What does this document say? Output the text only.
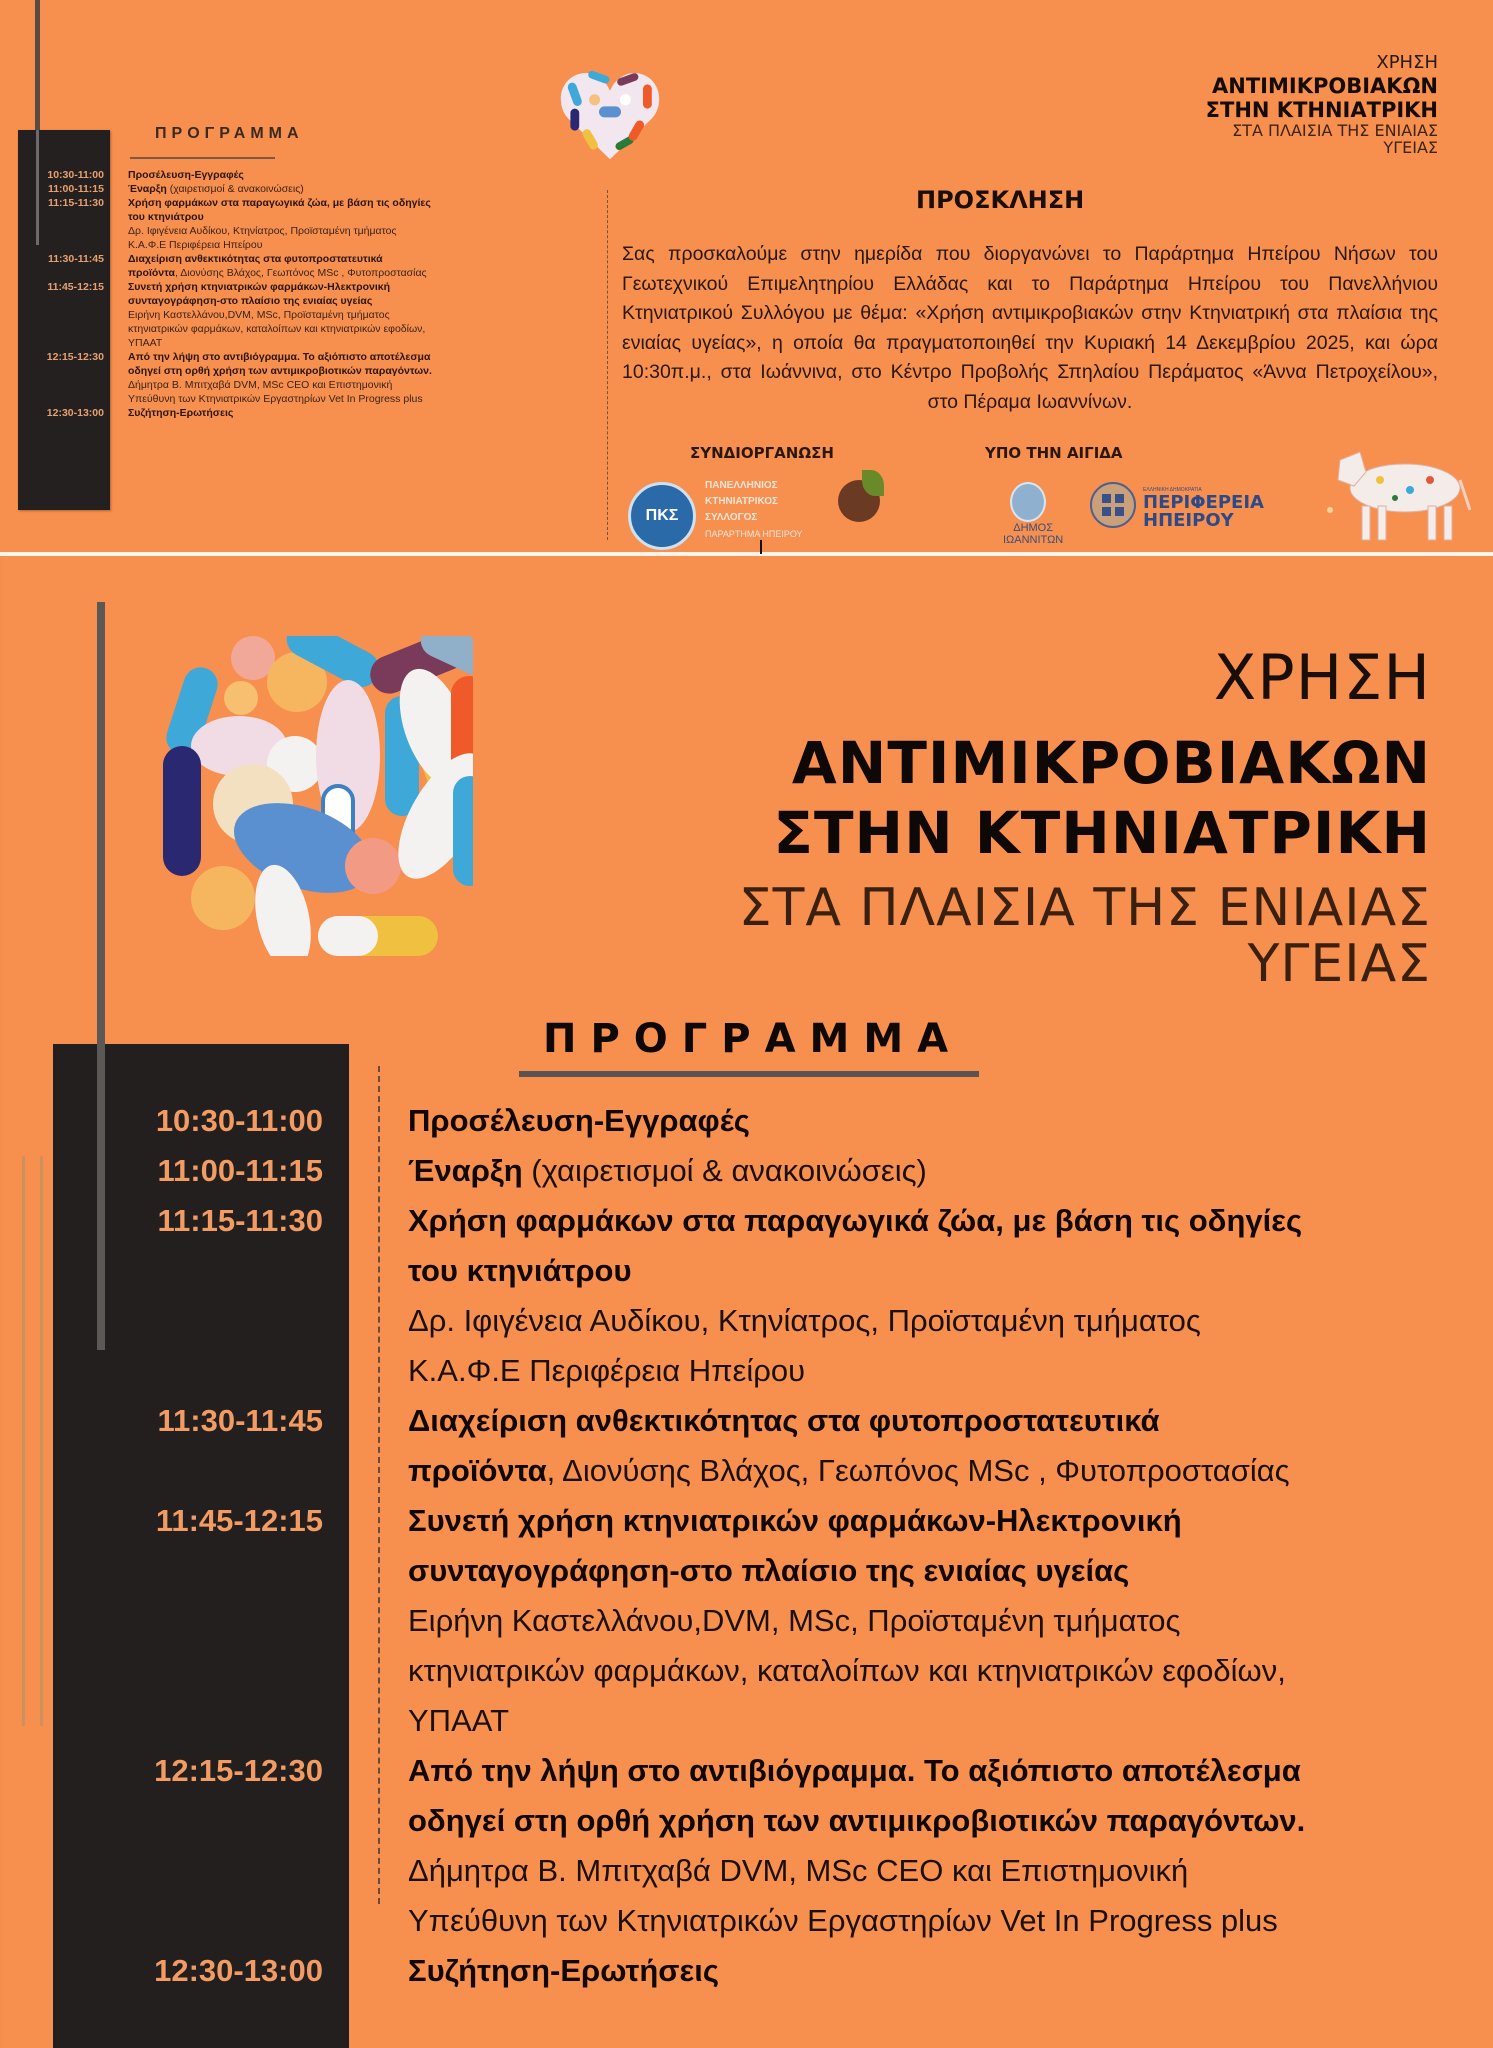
ΠΡΟΓΡΑΜΜΑ
10:30-11:00	Προσέλευση-Εγγραφές
11:00-11:15	Έναρξη (χαιρετισμοί & ανακοινώσεις)
11:15-11:30	Χρήση φαρμάκων στα παραγωγικά ζώα, με βάση τις οδηγίες
του κτηνιάτρου
Δρ. Ιφιγένεια Αυδίκου, Κτηνίατρος, Προϊσταμένη τμήματος
Κ.Α.Φ.Ε Περιφέρεια Ηπείρου
11:30-11:45	Διαχείριση ανθεκτικότητας στα φυτοπροστατευτικά
προϊόντα, Διονύσης Βλάχος, Γεωπόνος MSc , Φυτοπροστασίας
11:45-12:15	Συνετή χρήση κτηνιατρικών φαρμάκων-Ηλεκτρονική
συνταγογράφηση-στο πλαίσιο της ενιαίας υγείας
Ειρήνη Καστελλάνου,DVM, MSc, Προϊσταμένη τμήματος
κτηνιατρικών φαρμάκων, καταλοίπων και κτηνιατρικών εφοδίων,
ΥΠΑΑΤ
12:15-12:30	Από την λήψη στο αντιβιόγραμμα. Το αξιόπιστο αποτέλεσμα
οδηγεί στη ορθή χρήση των αντιμικροβιοτικών παραγόντων.
Δήμητρα Β. Μπιτχαβά DVM, MSc CEO και Επιστημονική
Υπεύθυνη των Κτηνιατρικών Εργαστηρίων Vet In Progress plus
12:30-13:00	Συζήτηση-Ερωτήσεις
ΧΡΗΣΗ
ΑΝΤΙΜΙΚΡΟΒΙΑΚΩΝ
ΣΤΗΝ ΚΤΗΝΙΑΤΡΙΚΗ
ΣΤΑ ΠΛΑΙΣΙΑ ΤΗΣ ΕΝΙΑΙΑΣ
ΥΓΕΙΑΣ
ΠΡΟΣΚΛΗΣΗ
Σας προσκαλούμε στην ημερίδα που διοργανώνει το Παράρτημα Ηπείρου Νήσων του Γεωτεχνικού Επιμελητηρίου Ελλάδας και το Παράρτημα Ηπείρου του Πανελλήνιου Κτηνιατρικού Συλλόγου με θέμα: «Χρήση αντιμικροβιακών στην Κτηνιατρική στα πλαίσια της ενιαίας υγείας», η οποία θα πραγματοποιηθεί την Κυριακή 14 Δεκεμβρίου 2025, και ώρα 10:30π.μ., στα Ιωάννινα, στο Κέντρο Προβολής Σπηλαίου Περάματος «Άννα Πετροχείλου», στο Πέραμα Ιωαννίνων.
ΣΥΝΔΙΟΡΓΑΝΩΣΗ	ΥΠΟ ΤΗΝ ΑΙΓΙΔΑ
ΠΚΣ
ΠΑΝΕΛΛΗΝΙΟΣ
ΚΤΗΝΙΑΤΡΙΚΟΣ
ΣΥΛΛΟΓΟΣ
ΠΑΡΑΡΤΗΜΑ ΗΠΕΙΡΟΥ	ΔΗΜΟΣ
ΙΩΑΝΝΙΤΩΝ
ΕΛΛΗΝΙΚΗ ΔΗΜΟΚΡΑΤΙΑ
ΠΕΡΙΦΕΡΕΙΑ
ΗΠΕΙΡΟΥ
ΧΡΗΣΗ
ΑΝΤΙΜΙΚΡΟΒΙΑΚΩΝ
ΣΤΗΝ ΚΤΗΝΙΑΤΡΙΚΗ
ΣΤΑ ΠΛΑΙΣΙΑ ΤΗΣ ΕΝΙΑΙΑΣ
ΥΓΕΙΑΣ
ΠΡΟΓΡΑΜΜΑ
10:30-11:00	Προσέλευση-Εγγραφές
11:00-11:15	Έναρξη (χαιρετισμοί & ανακοινώσεις)
11:15-11:30	Χρήση φαρμάκων στα παραγωγικά ζώα, με βάση τις οδηγίες
του κτηνιάτρου
Δρ. Ιφιγένεια Αυδίκου, Κτηνίατρος, Προϊσταμένη τμήματος
Κ.Α.Φ.Ε Περιφέρεια Ηπείρου
11:30-11:45	Διαχείριση ανθεκτικότητας στα φυτοπροστατευτικά
προϊόντα, Διονύσης Βλάχος, Γεωπόνος MSc , Φυτοπροστασίας
11:45-12:15	Συνετή χρήση κτηνιατρικών φαρμάκων-Ηλεκτρονική
συνταγογράφηση-στο πλαίσιο της ενιαίας υγείας
Ειρήνη Καστελλάνου,DVM, MSc, Προϊσταμένη τμήματος
κτηνιατρικών φαρμάκων, καταλοίπων και κτηνιατρικών εφοδίων,
ΥΠΑΑΤ
12:15-12:30	Από την λήψη στο αντιβιόγραμμα. Το αξιόπιστο αποτέλεσμα
οδηγεί στη ορθή χρήση των αντιμικροβιοτικών παραγόντων.
Δήμητρα Β. Μπιτχαβά DVM, MSc CEO και Επιστημονική
Υπεύθυνη των Κτηνιατρικών Εργαστηρίων Vet In Progress plus
12:30-13:00	Συζήτηση-Ερωτήσεις
